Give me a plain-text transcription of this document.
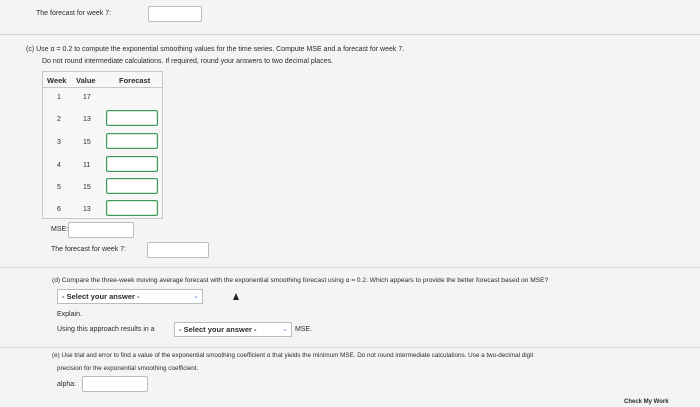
The forecast for week 7:
(c) Use α = 0.2 to compute the exponential smoothing values for the time series. Compute MSE and a forecast for week 7.
Do not round intermediate calculations. If required, round your answers to two decimal places.
Week Value	Forecast
1	17
2	13
3	15
4	11
5	15
6	13
MSE:
The forecast for week 7:
(d) Compare the three-week moving average forecast with the exponential smoothing forecast using α = 0.2. Which appears to provide the better forecast based on MSE?
- Select your answer -	⌄
Explain.
Using this approach results in a	- Select your answer -	⌄ MSE.
(e) Use trial and error to find a value of the exponential smoothing coefficient α that yields the minimum MSE. Do not round intermediate calculations. Use a two-decimal digit
precision for the exponential smoothing coefficient.
alpha:
Check My Work
